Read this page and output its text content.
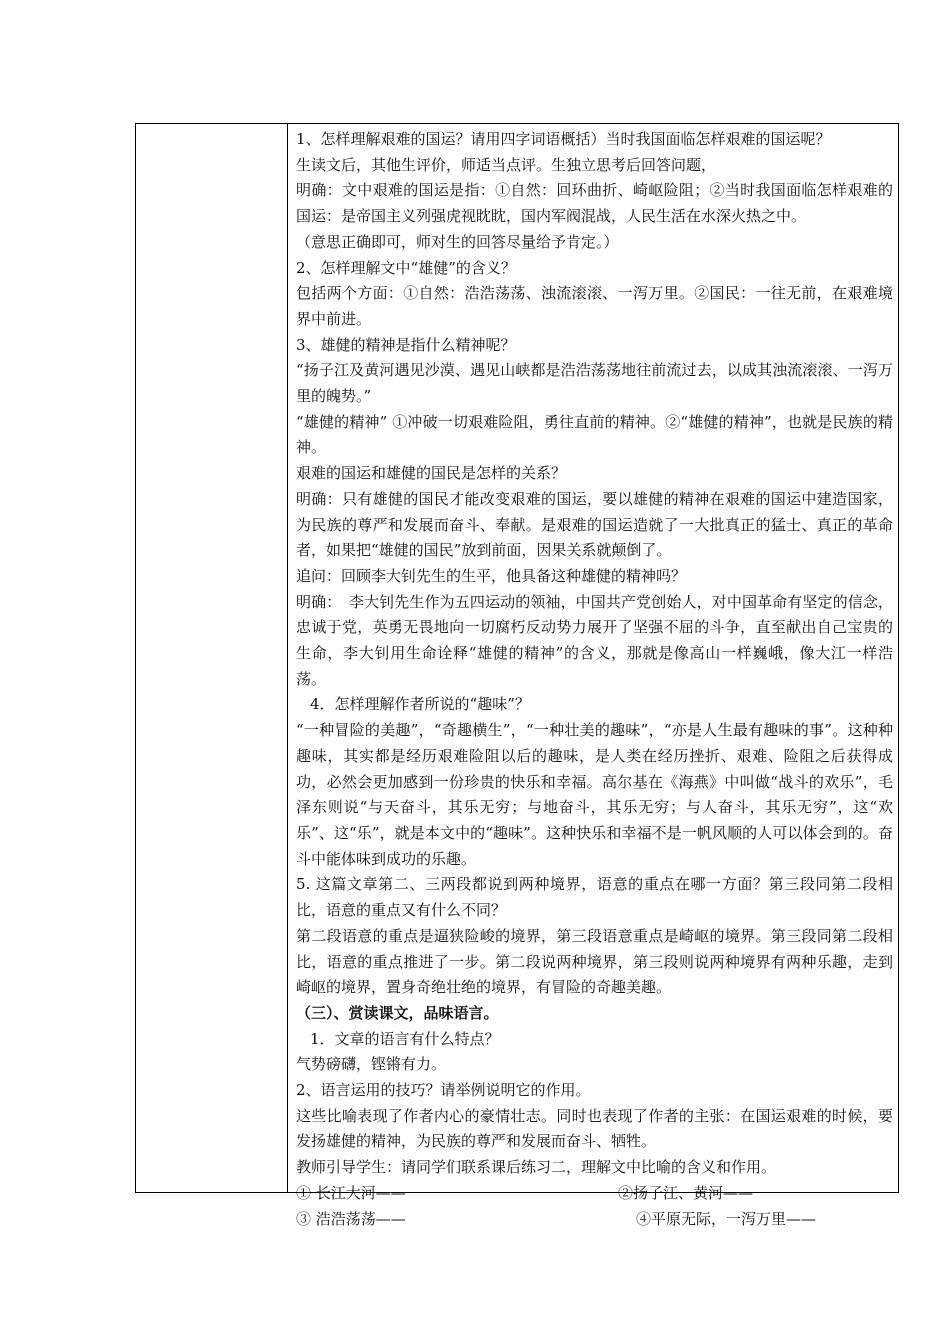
1、怎样理解艰难的国运？请用四字词语概括）当时我国面临怎样艰难的国运呢？

生读文后，其他生评价，师适当点评。生独立思考后回答问题，

明确：文中艰难的国运是指：①自然：回环曲折、崎岖险阻；②当时我国面临怎样艰难的国运：是帝国主义列强虎视眈眈，国内军阀混战，人民生活在水深火热之中。

（意思正确即可，师对生的回答尽量给予肯定。）

2、怎样理解文中“雄健”的含义？

包括两个方面：①自然：浩浩荡荡、浊流滚滚、一泻万里。②国民：一往无前，在艰难境界中前进。

3、雄健的精神是指什么精神呢？

“扬子江及黄河遇见沙漠、遇见山峡都是浩浩荡荡地往前流过去，以成其浊流滚滚、一泻万里的魄势。”

“雄健的精神” ①冲破一切艰难险阻，勇往直前的精神。②“雄健的精神”，也就是民族的精神。

艰难的国运和雄健的国民是怎样的关系？

明确：只有雄健的国民才能改变艰难的国运，要以雄健的精神在艰难的国运中建造国家，为民族的尊严和发展而奋斗、奉献。是艰难的国运造就了一大批真正的猛士、真正的革命者，如果把“雄健的国民”放到前面，因果关系就颠倒了。

追问：回顾李大钊先生的生平，他具备这种雄健的精神吗？

明确：　李大钊先生作为五四运动的领袖，中国共产党创始人，对中国革命有坚定的信念，忠诚于党，英勇无畏地向一切腐朽反动势力展开了坚强不屈的斗争，直至献出自己宝贵的生命，李大钊用生命诠释“雄健的精神”的含义，那就是像高山一样巍峨，像大江一样浩荡。

4．怎样理解作者所说的“趣味”？

“一种冒险的美趣”，“奇趣横生”，“一种壮美的趣味”，“亦是人生最有趣味的事”。这种种趣味，其实都是经历艰难险阻以后的趣味，是人类在经历挫折、艰难、险阻之后获得成功，必然会更加感到一份珍贵的快乐和幸福。高尔基在《海燕》中叫做“战斗的欢乐”，毛泽东则说“与天奋斗，其乐无穷；与地奋斗，其乐无穷；与人奋斗，其乐无穷”，这“欢乐”、这“乐”，就是本文中的“趣味”。这种快乐和幸福不是一帆风顺的人可以体会到的。奋斗中能体味到成功的乐趣。

5. 这篇文章第二、三两段都说到两种境界，语意的重点在哪一方面？第三段同第二段相比，语意的重点又有什么不同？

第二段语意的重点是逼狭险峻的境界，第三段语意重点是崎岖的境界。第三段同第二段相比，语意的重点推进了一步。第二段说两种境界，第三段则说两种境界有两种乐趣，走到崎岖的境界，置身奇绝壮绝的境界，有冒险的奇趣美趣。

（三）、赏读课文，品味语言。

1．文章的语言有什么特点？

气势磅礴，铿锵有力。

2、语言运用的技巧？请举例说明它的作用。

这些比喻表现了作者内心的豪情壮志。同时也表现了作者的主张：在国运艰难的时候，要发扬雄健的精神，为民族的尊严和发展而奋斗、牺牲。

教师引导学生：请同学们联系课后练习二，理解文中比喻的含义和作用。

① 长江大河——	②扬子江、黄河——
③ 浩浩荡荡——	④平原无际，一泻万里——
